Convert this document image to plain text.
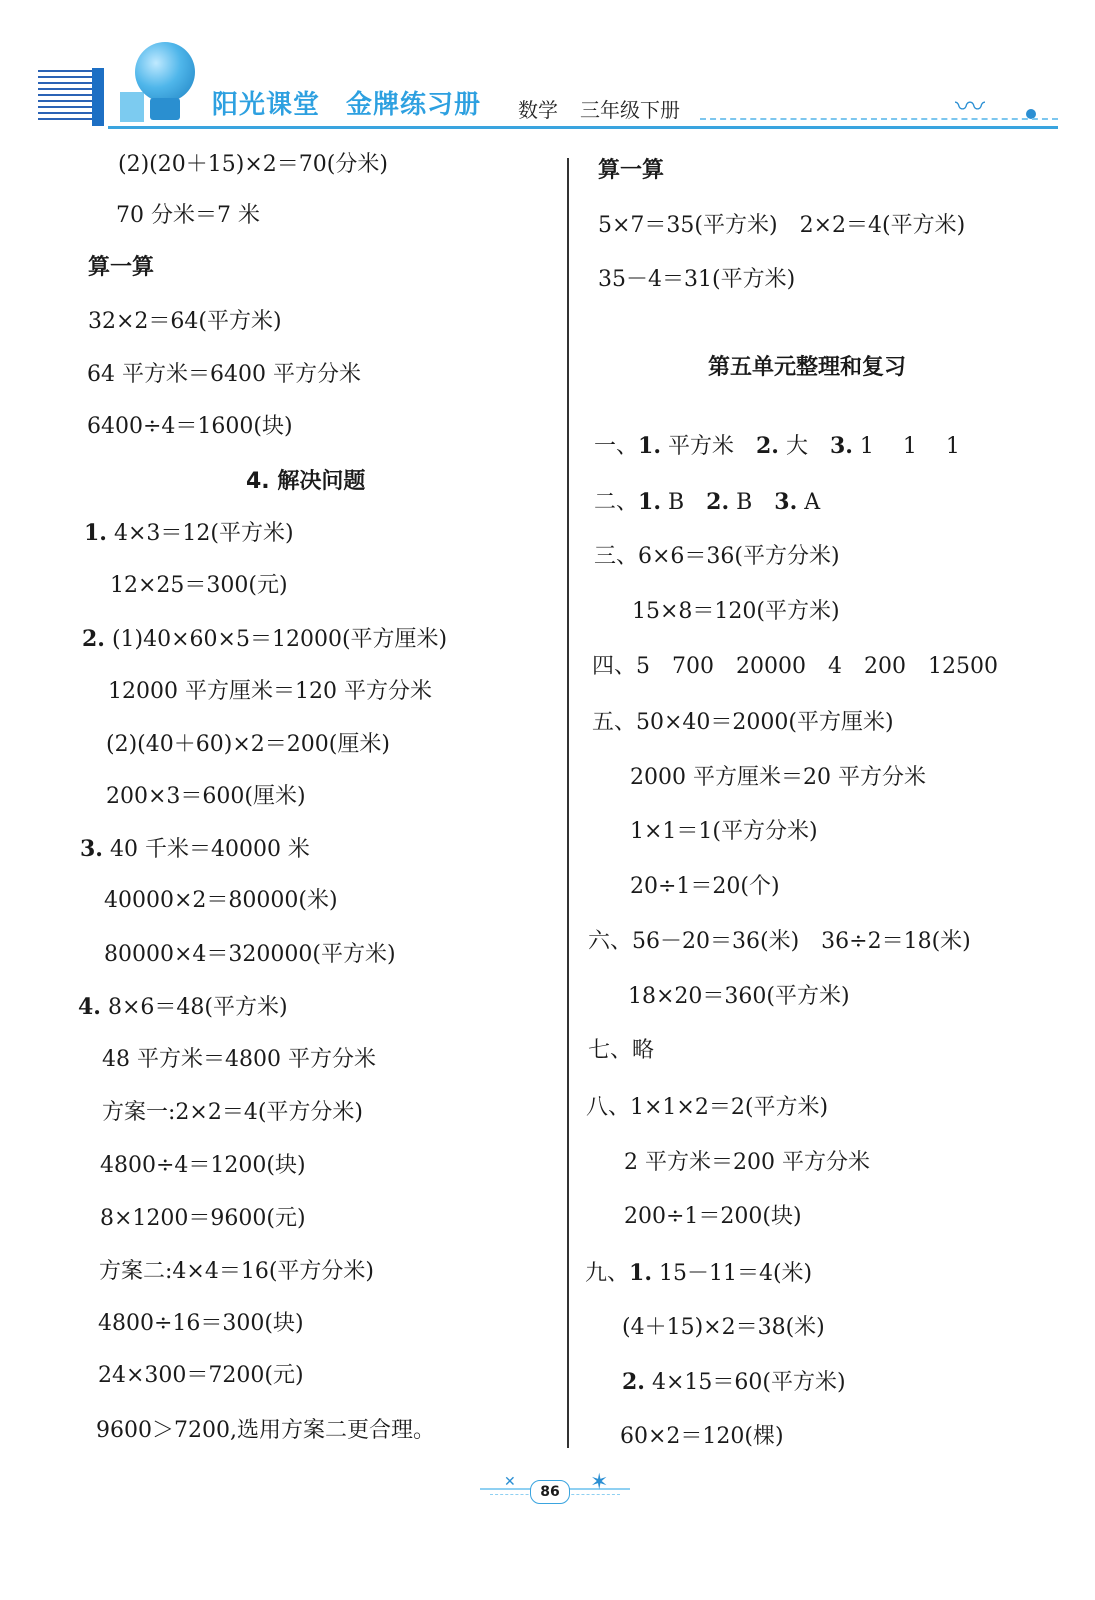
阳光课堂 金牌练习册 数学 三年级下册	〰
(2)(20＋15)×2＝70(分米)
70 分米＝7 米
算一算
32×2＝64(平方米)
64 平方米＝6400 平方分米
6400÷4＝1600(块)
4. 解决问题
1. 4×3＝12(平方米)
12×25＝300(元)
2. (1)40×60×5＝12000(平方厘米)
12000 平方厘米＝120 平方分米
(2)(40＋60)×2＝200(厘米)
200×3＝600(厘米)
3. 40 千米＝40000 米
40000×2＝80000(米)
80000×4＝320000(平方米)
4. 8×6＝48(平方米)
48 平方米＝4800 平方分米
方案一:2×2＝4(平方分米)
4800÷4＝1200(块)
8×1200＝9600(元)
方案二:4×4＝16(平方分米)
4800÷16＝300(块)
24×300＝7200(元)
9600＞7200,选用方案二更合理。
算一算
5×7＝35(平方米)　2×2＝4(平方米)
35－4＝31(平方米)
第五单元整理和复习
一、1. 平方米　2. 大　3. 1　 1　 1
二、1. B　2. B　3. A
三、6×6＝36(平方分米)
15×8＝120(平方米)
四、5　700　20000　4　200　12500
五、50×40＝2000(平方厘米)
2000 平方厘米＝20 平方分米
1×1＝1(平方分米)
20÷1＝20(个)
六、56－20＝36(米)　36÷2＝18(米)
18×20＝360(平方米)
七、略
八、1×1×2＝2(平方米)
2 平方米＝200 平方分米
200÷1＝200(块)
九、1. 15－11＝4(米)
(4＋15)×2＝38(米)
2. 4×15＝60(平方米)
60×2＝120(棵)
✕
86	✶
